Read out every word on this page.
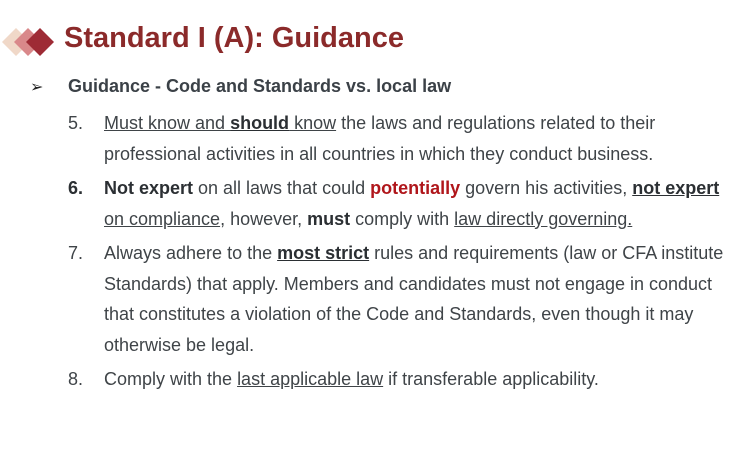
Standard I (A): Guidance
➢ Guidance - Code and Standards vs. local law
5.	Must know and should know the laws and regulations related to their professional activities in all countries in which they conduct business.
6.	Not expert on all laws that could potentially govern his activities, not expert on compliance, however, must comply with law directly governing.
7.	Always adhere to the most strict rules and requirements (law or CFA institute Standards) that apply. Members and candidates must not engage in conduct that constitutes a violation of the Code and Standards, even though it may otherwise be legal.
8.	Comply with the last applicable law if transferable applicability.
